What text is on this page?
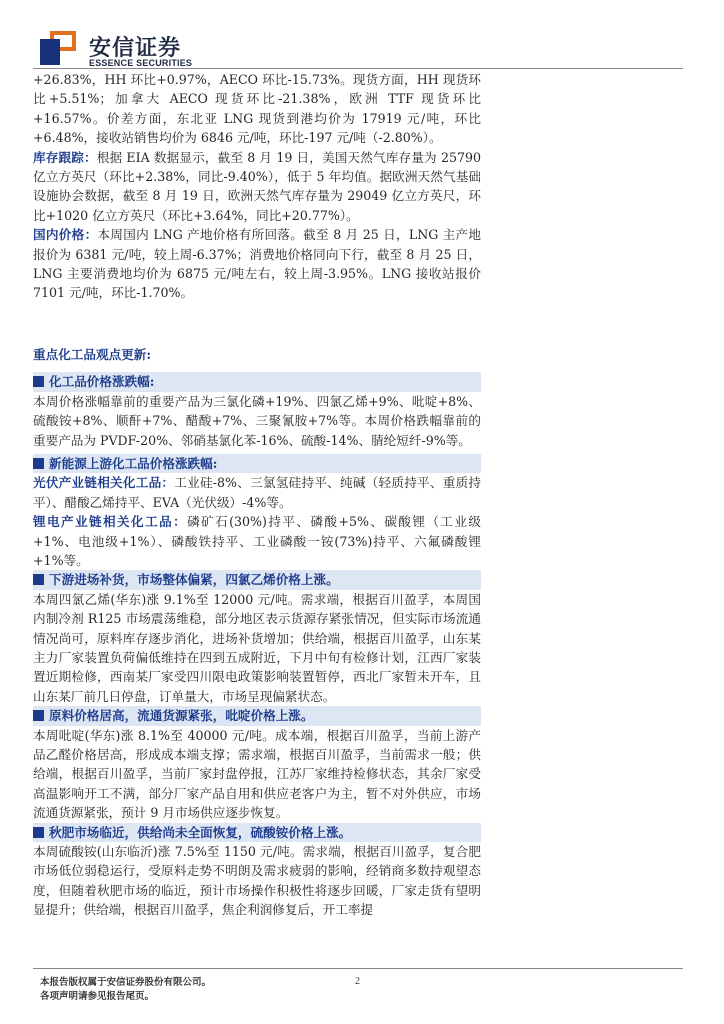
安信证券
ESSENCE SECURITIES

+26.83%，HH 环比+0.97%，AECO 环比-15.73%。现货方面，HH 现货环比+5.51%；加拿大 AECO 现货环比-21.38%，欧洲 TTF 现货环比+16.57%。价差方面，东北亚 LNG 现货到港均价为 17919 元/吨，环比+6.48%，接收站销售均价为 6846 元/吨，环比-197 元/吨（-2.80%）。

库存跟踪：根据 EIA 数据显示，截至 8 月 19 日，美国天然气库存量为 25790 亿立方英尺（环比+2.38%，同比-9.40%），低于 5 年均值。据欧洲天然气基础设施协会数据，截至 8 月 19 日，欧洲天然气库存量为 29049 亿立方英尺，环比+1020 亿立方英尺（环比+3.64%，同比+20.77%）。

国内价格：本周国内 LNG 产地价格有所回落。截至 8 月 25 日，LNG 主产地报价为 6381 元/吨，较上周-6.37%；消费地价格同向下行，截至 8 月 25 日，LNG 主要消费地均价为 6875 元/吨左右，较上周-3.95%。LNG 接收站报价 7101 元/吨，环比-1.70%。

重点化工品观点更新:
化工品价格涨跌幅:

本周价格涨幅靠前的重要产品为三氯化磷+19%、四氯乙烯+9%、吡啶+8%、硫酸铵+8%、顺酐+7%、醋酸+7%、三聚氰胺+7%等。本周价格跌幅靠前的重要产品为 PVDF-20%、邻硝基氯化苯-16%、硫酸-14%、腈纶短纤-9%等。

新能源上游化工品价格涨跌幅:

光伏产业链相关化工品：工业硅-8%、三氯氢硅持平、纯碱（轻质持平、重质持平）、醋酸乙烯持平、EVA（光伏级）-4%等。

锂电产业链相关化工品：磷矿石(30%)持平、磷酸+5%、碳酸锂（工业级+1%、电池级+1%）、磷酸铁持平、工业磷酸一铵(73%)持平、六氟磷酸锂+1%等。

下游进场补货，市场整体偏紧，四氯乙烯价格上涨。

本周四氯乙烯(华东)涨 9.1%至 12000 元/吨。需求端，根据百川盈孚，本周国内制冷剂 R125 市场震荡维稳，部分地区表示货源存紧张情况，但实际市场流通情况尚可，原料库存逐步消化，进场补货增加；供给端，根据百川盈孚，山东某主力厂家装置负荷偏低维持在四到五成附近，下月中旬有检修计划，江西厂家装置近期检修，西南某厂家受四川限电政策影响装置暂停，西北厂家暂未开车，且山东某厂前几日停盘，订单量大，市场呈现偏紧状态。

原料价格居高，流通货源紧张，吡啶价格上涨。

本周吡啶(华东)涨 8.1%至 40000 元/吨。成本端，根据百川盈孚，当前上游产品乙醛价格居高，形成成本端支撑；需求端，根据百川盈孚，当前需求一般；供给端，根据百川盈孚，当前厂家封盘停报，江苏厂家维持检修状态，其余厂家受高温影响开工不满，部分厂家产品自用和供应老客户为主，暂不对外供应，市场流通货源紧张，预计 9 月市场供应逐步恢复。

秋肥市场临近，供给尚未全面恢复，硫酸铵价格上涨。

本周硫酸铵(山东临沂)涨 7.5%至 1150 元/吨。需求端，根据百川盈孚，复合肥市场低位弱稳运行，受原料走势不明朗及需求疲弱的影响，经销商多数持观望态度，但随着秋肥市场的临近，预计市场操作积极性将逐步回暖，厂家走货有望明显提升；供给端，根据百川盈孚，焦企利润修复后，开工率提

本报告版权属于安信证券股份有限公司。
各项声明请参见报告尾页。
2
